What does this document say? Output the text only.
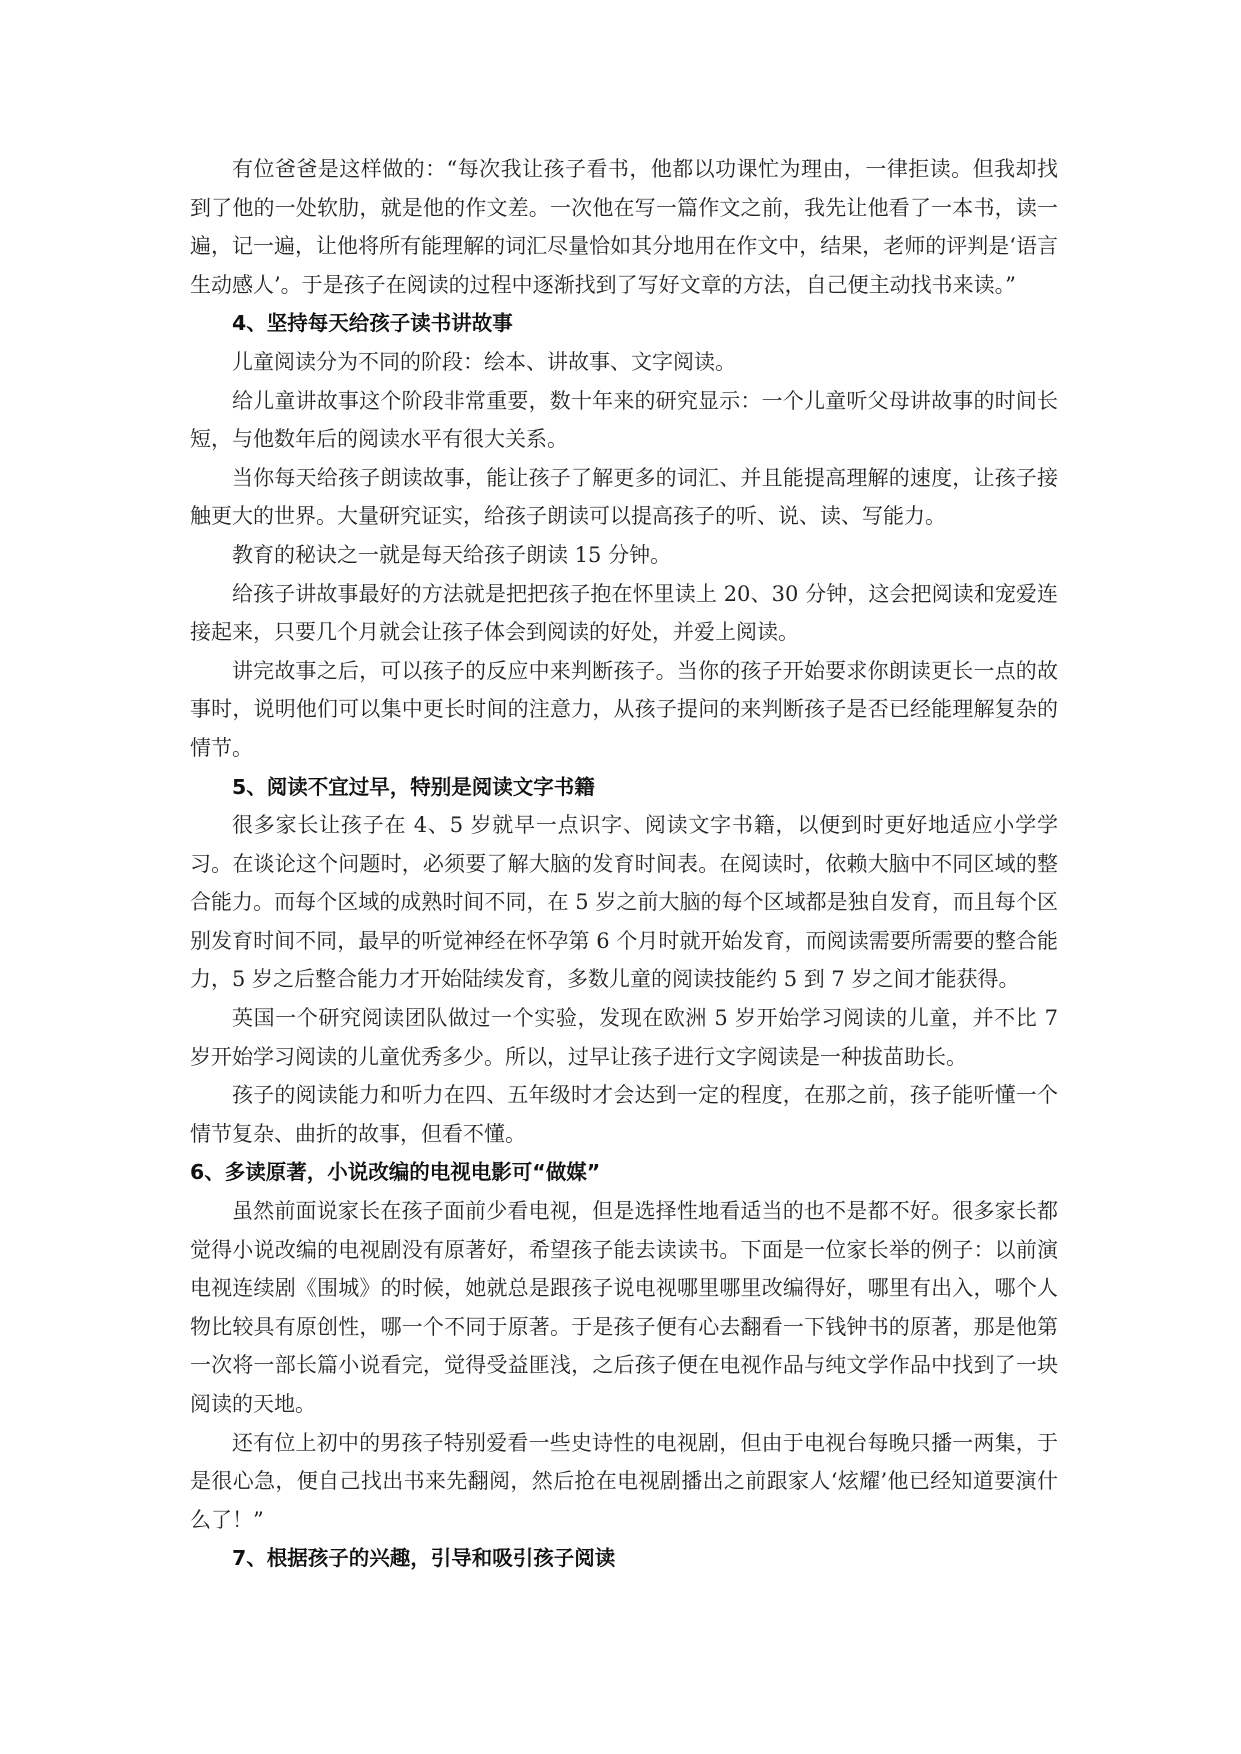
有位爸爸是这样做的：“每次我让孩子看书，他都以功课忙为理由，一律拒读。但我却找到了他的一处软肋，就是他的作文差。一次他在写一篇作文之前，我先让他看了一本书，读一遍，记一遍，让他将所有能理解的词汇尽量恰如其分地用在作文中，结果，老师的评判是‘语言生动感人’。于是孩子在阅读的过程中逐渐找到了写好文章的方法，自己便主动找书来读。”

4、坚持每天给孩子读书讲故事

儿童阅读分为不同的阶段：绘本、讲故事、文字阅读。

给儿童讲故事这个阶段非常重要，数十年来的研究显示：一个儿童听父母讲故事的时间长短，与他数年后的阅读水平有很大关系。

当你每天给孩子朗读故事，能让孩子了解更多的词汇、并且能提高理解的速度，让孩子接触更大的世界。大量研究证实，给孩子朗读可以提高孩子的听、说、读、写能力。

教育的秘诀之一就是每天给孩子朗读 15 分钟。

给孩子讲故事最好的方法就是把把孩子抱在怀里读上 20、30 分钟，这会把阅读和宠爱连接起来，只要几个月就会让孩子体会到阅读的好处，并爱上阅读。

讲完故事之后，可以孩子的反应中来判断孩子。当你的孩子开始要求你朗读更长一点的故事时，说明他们可以集中更长时间的注意力，从孩子提问的来判断孩子是否已经能理解复杂的情节。

5、阅读不宜过早，特别是阅读文字书籍

很多家长让孩子在 4、5 岁就早一点识字、阅读文字书籍，以便到时更好地适应小学学习。在谈论这个问题时，必须要了解大脑的发育时间表。在阅读时，依赖大脑中不同区域的整合能力。而每个区域的成熟时间不同，在 5 岁之前大脑的每个区域都是独自发育，而且每个区别发育时间不同，最早的听觉神经在怀孕第 6 个月时就开始发育，而阅读需要所需要的整合能力，5 岁之后整合能力才开始陆续发育，多数儿童的阅读技能约 5 到 7 岁之间才能获得。

英国一个研究阅读团队做过一个实验，发现在欧洲 5 岁开始学习阅读的儿童，并不比 7 岁开始学习阅读的儿童优秀多少。所以，过早让孩子进行文字阅读是一种拔苗助长。

孩子的阅读能力和听力在四、五年级时才会达到一定的程度，在那之前，孩子能听懂一个情节复杂、曲折的故事，但看不懂。

6、多读原著，小说改编的电视电影可“做媒”

虽然前面说家长在孩子面前少看电视，但是选择性地看适当的也不是都不好。很多家长都觉得小说改编的电视剧没有原著好，希望孩子能去读读书。下面是一位家长举的例子：以前演电视连续剧《围城》的时候，她就总是跟孩子说电视哪里哪里改编得好，哪里有出入，哪个人物比较具有原创性，哪一个不同于原著。于是孩子便有心去翻看一下钱钟书的原著，那是他第一次将一部长篇小说看完，觉得受益匪浅，之后孩子便在电视作品与纯文学作品中找到了一块阅读的天地。

还有位上初中的男孩子特别爱看一些史诗性的电视剧，但由于电视台每晚只播一两集，于是很心急，便自己找出书来先翻阅，然后抢在电视剧播出之前跟家人‘炫耀’他已经知道要演什么了！”

7、根据孩子的兴趣，引导和吸引孩子阅读
